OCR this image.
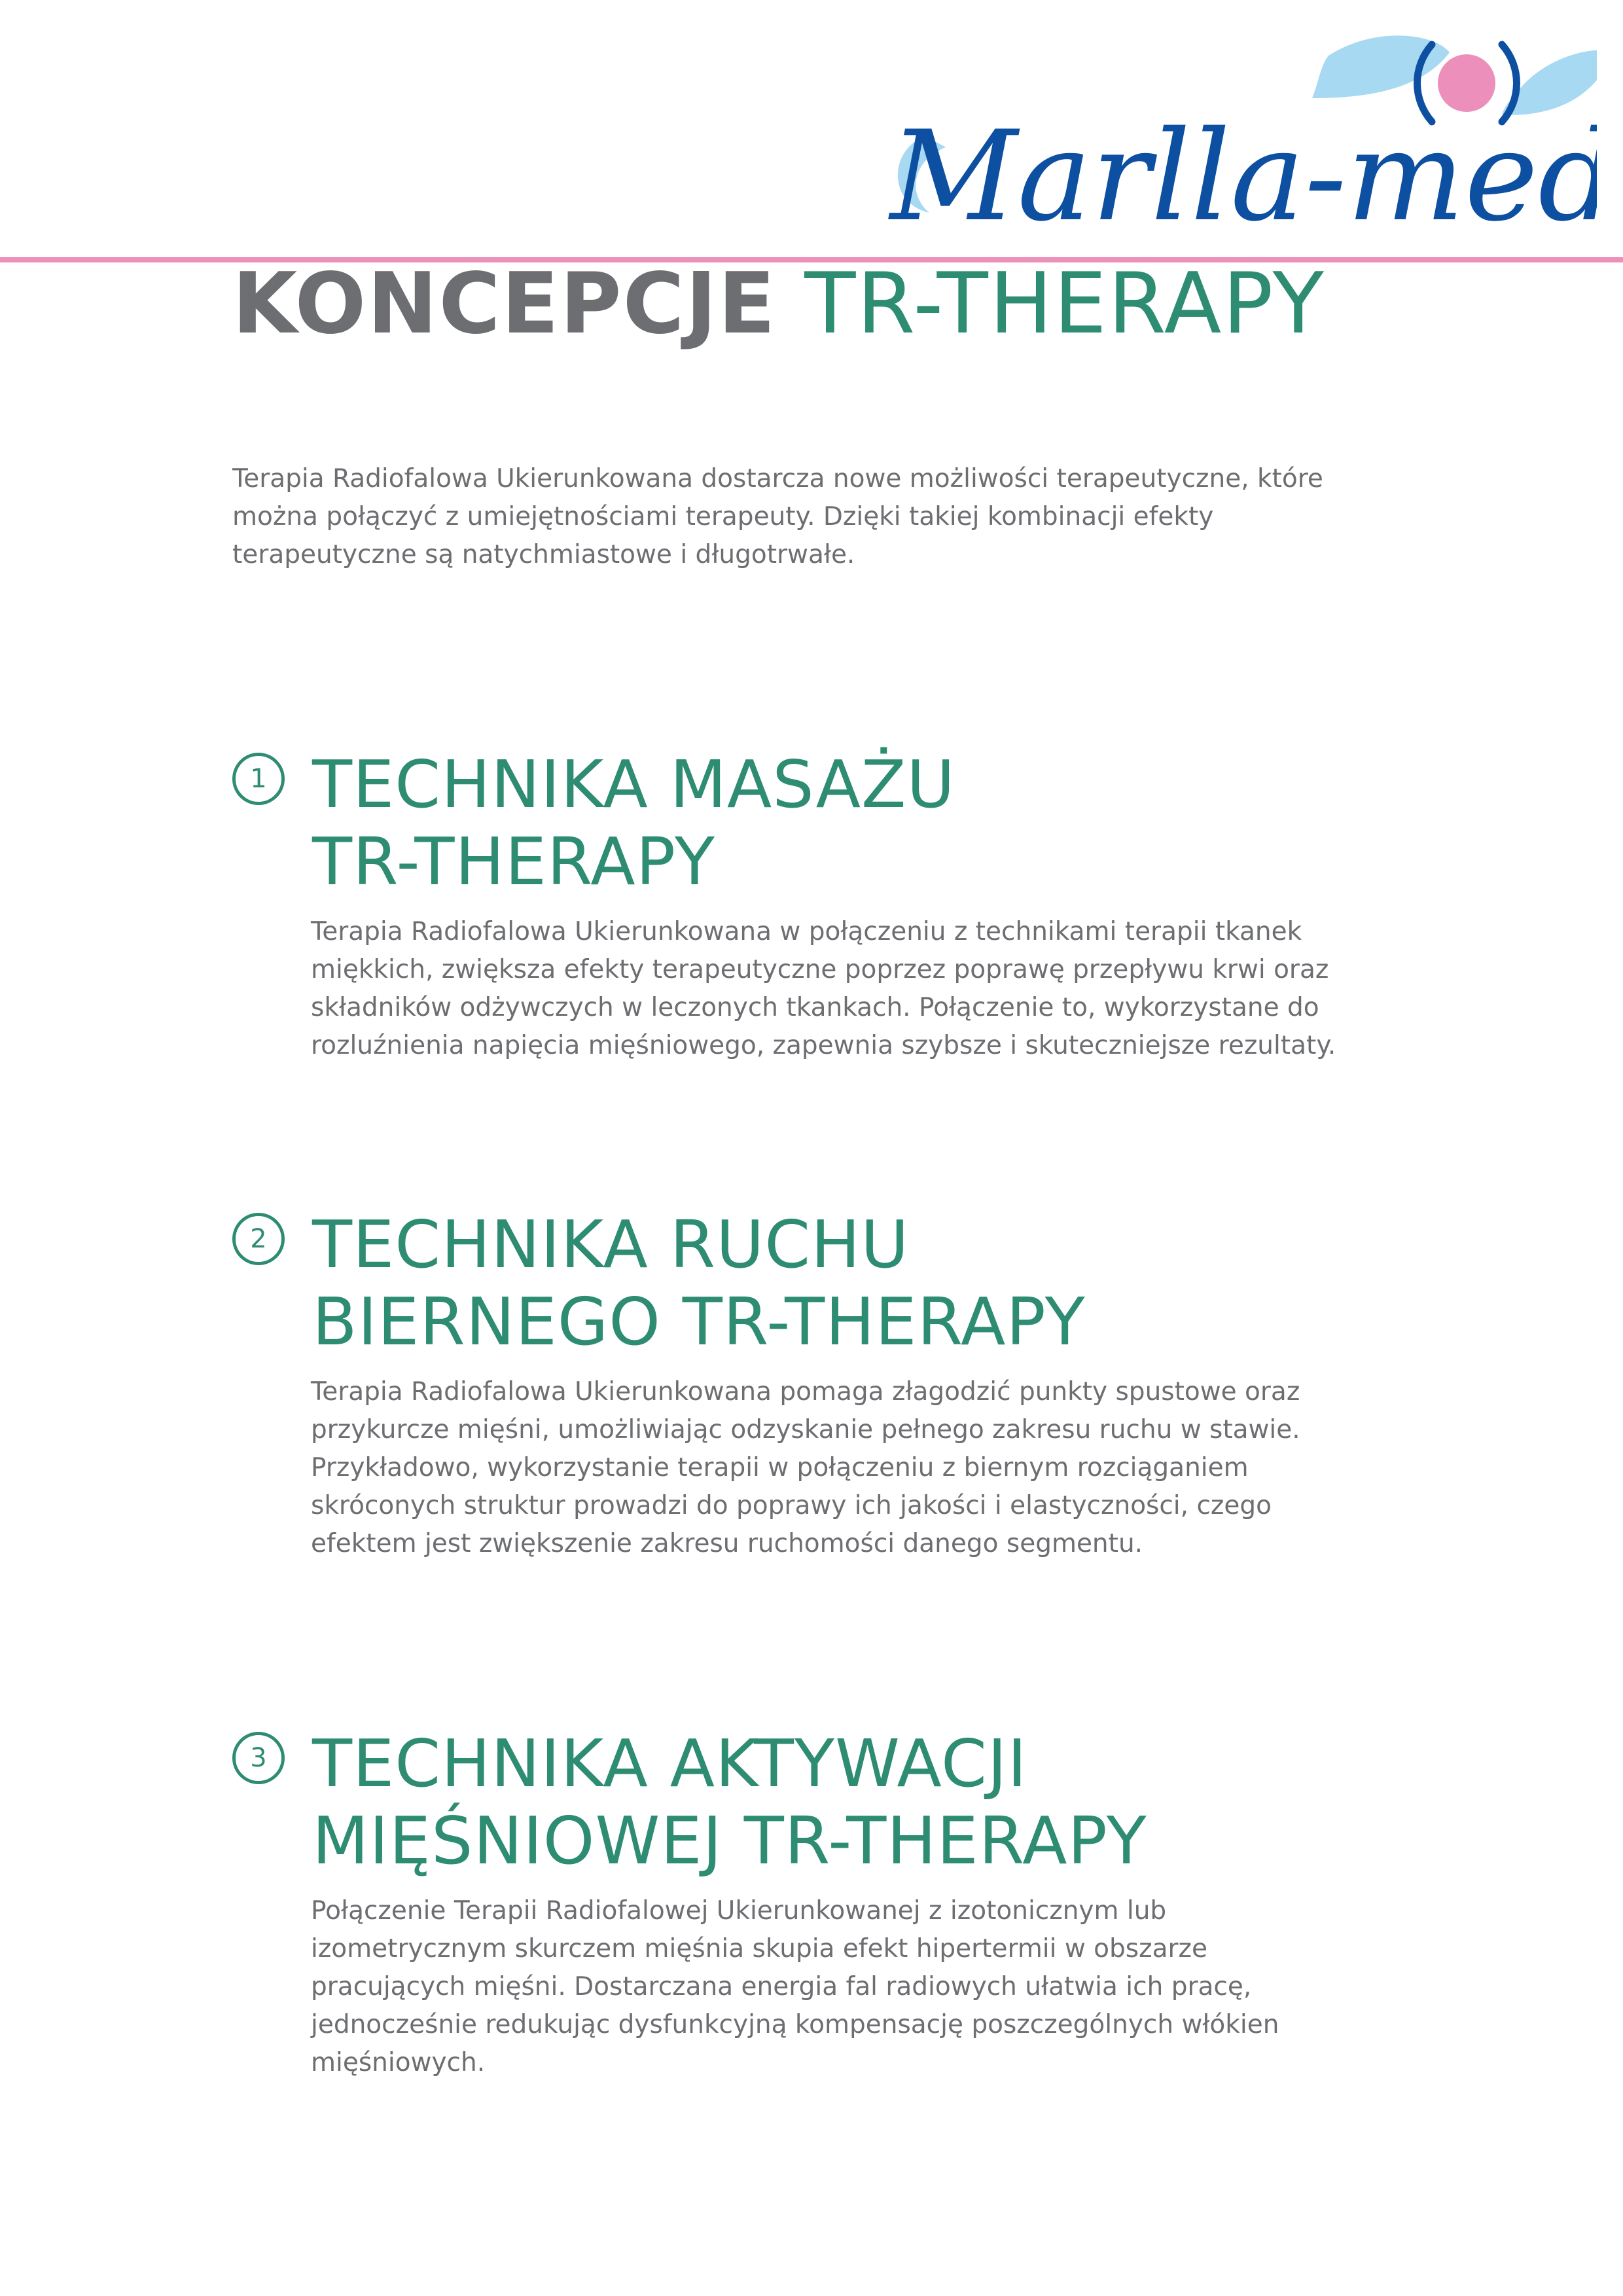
Marlla-med
KONCEPCJE TR-THERAPY

Terapia Radiofalowa Ukierunkowana dostarcza nowe możliwości terapeutyczne, które można połączyć z umiejętnościami terapeuty. Dzięki takiej kombinacji efekty terapeutyczne są natychmiastowe i długotrwałe.

1 TECHNIKA MASAŻU
TR-THERAPY

Terapia Radiofalowa Ukierunkowana w połączeniu z technikami terapii tkanek miękkich, zwiększa efekty terapeutyczne poprzez poprawę przepływu krwi oraz składników odżywczych w leczonych tkankach. Połączenie to, wykorzystane do rozluźnienia napięcia mięśniowego, zapewnia szybsze i skuteczniejsze rezultaty.

2 TECHNIKA RUCHU
BIERNEGO TR-THERAPY

Terapia Radiofalowa Ukierunkowana pomaga złagodzić punkty spustowe oraz przykurcze mięśni, umożliwiając odzyskanie pełnego zakresu ruchu w stawie. Przykładowo, wykorzystanie terapii w połączeniu z biernym rozciąganiem skróconych struktur prowadzi do poprawy ich jakości i elastyczności, czego efektem jest zwiększenie zakresu ruchomości danego segmentu.

3 TECHNIKA AKTYWACJI
MIĘŚNIOWEJ TR-THERAPY

Połączenie Terapii Radiofalowej Ukierunkowanej z izotonicznym lub izometrycznym skurczem mięśnia skupia efekt hipertermii w obszarze pracujących mięśni. Dostarczana energia fal radiowych ułatwia ich pracę, jednocześnie redukując dysfunkcyjną kompensację poszczególnych włókien mięśniowych.
